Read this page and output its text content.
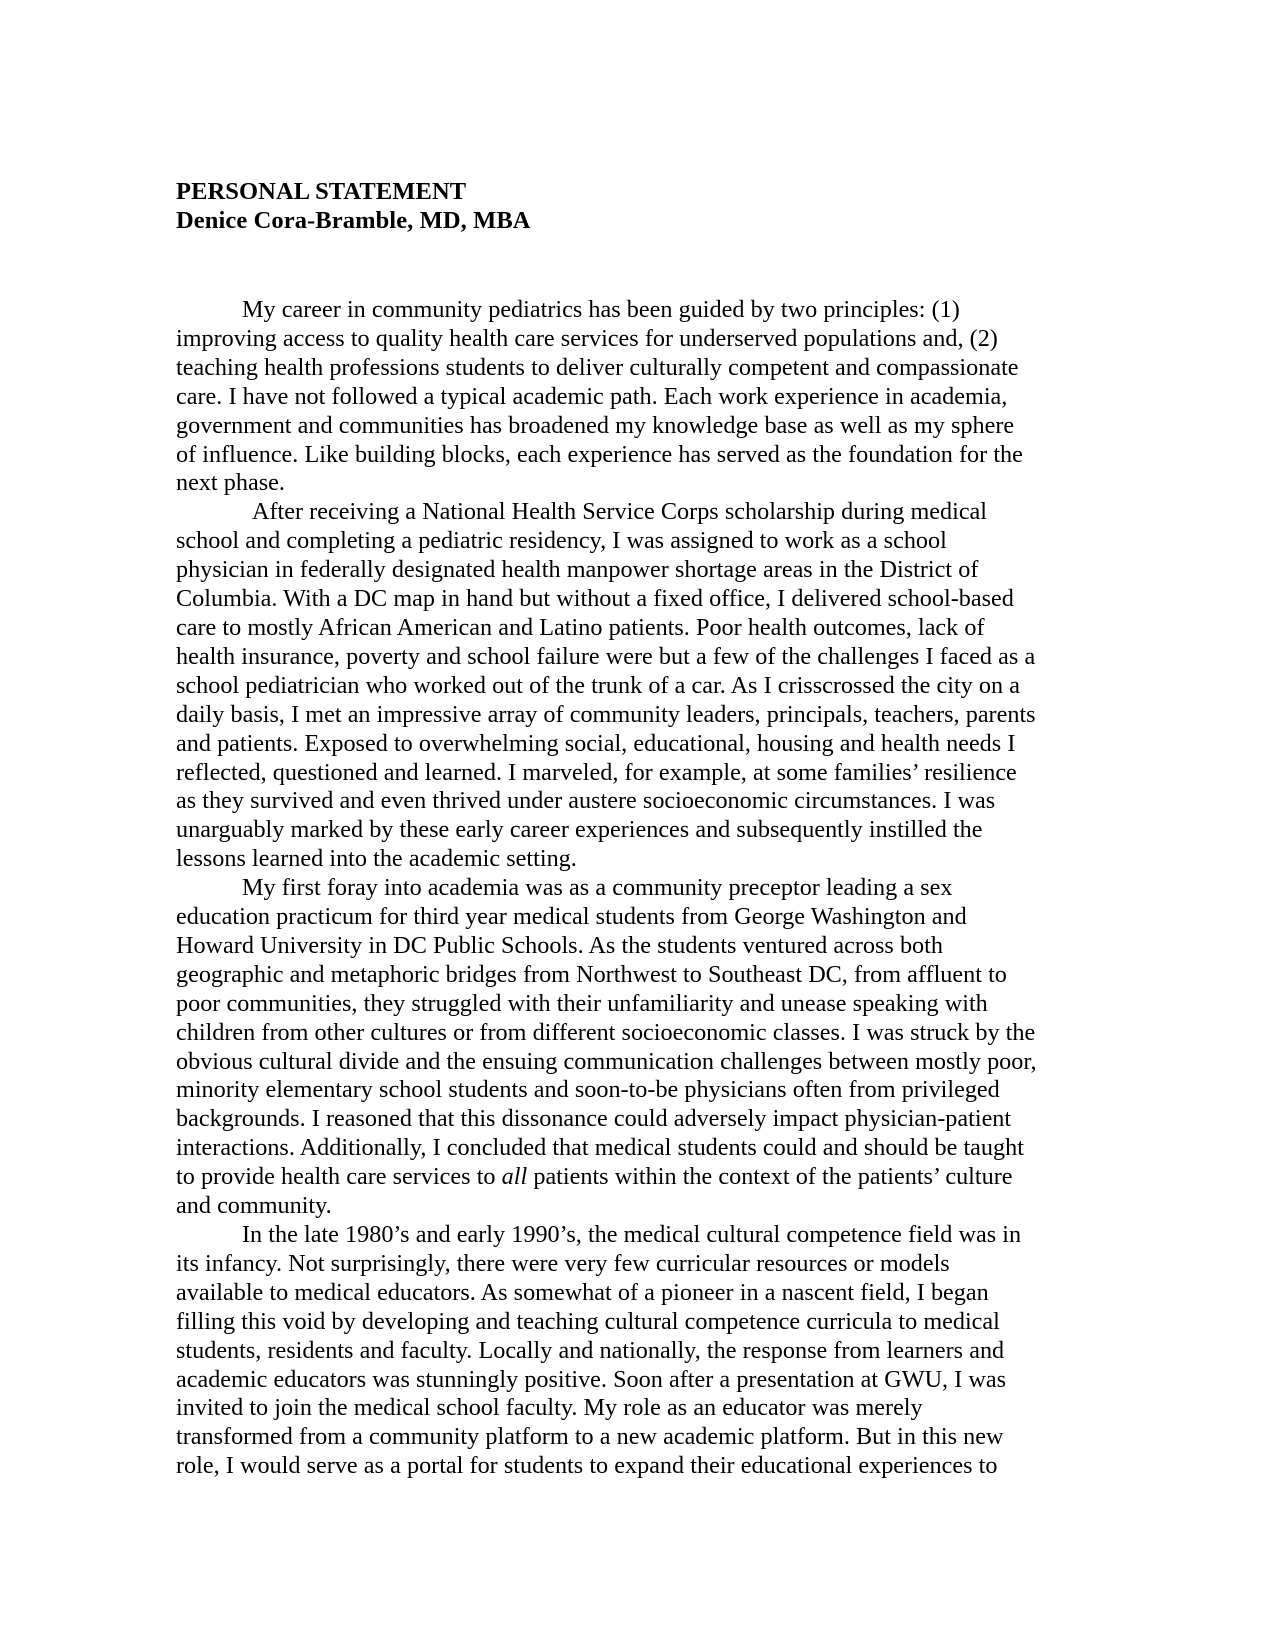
PERSONAL STATEMENT
Denice Cora-Bramble, MD, MBA

My career in community pediatrics has been guided by two principles: (1) improving access to quality health care services for underserved populations and, (2) teaching health professions students to deliver culturally competent and compassionate care. I have not followed a typical academic path. Each work experience in academia, government and communities has broadened my knowledge base as well as my sphere of influence. Like building blocks, each experience has served as the foundation for the next phase.

After receiving a National Health Service Corps scholarship during medical school and completing a pediatric residency, I was assigned to work as a school physician in federally designated health manpower shortage areas in the District of Columbia. With a DC map in hand but without a fixed office, I delivered school-based care to mostly African American and Latino patients. Poor health outcomes, lack of health insurance, poverty and school failure were but a few of the challenges I faced as a school pediatrician who worked out of the trunk of a car. As I crisscrossed the city on a daily basis, I met an impressive array of community leaders, principals, teachers, parents and patients. Exposed to overwhelming social, educational, housing and health needs I reflected, questioned and learned. I marveled, for example, at some families’ resilience as they survived and even thrived under austere socioeconomic circumstances. I was unarguably marked by these early career experiences and subsequently instilled the lessons learned into the academic setting.

My first foray into academia was as a community preceptor leading a sex education practicum for third year medical students from George Washington and Howard University in DC Public Schools. As the students ventured across both geographic and metaphoric bridges from Northwest to Southeast DC, from affluent to poor communities, they struggled with their unfamiliarity and unease speaking with children from other cultures or from different socioeconomic classes. I was struck by the obvious cultural divide and the ensuing communication challenges between mostly poor, minority elementary school students and soon-to-be physicians often from privileged backgrounds. I reasoned that this dissonance could adversely impact physician-patient interactions. Additionally, I concluded that medical students could and should be taught to provide health care services to all patients within the context of the patients’ culture and community.

In the late 1980’s and early 1990’s, the medical cultural competence field was in its infancy. Not surprisingly, there were very few curricular resources or models available to medical educators. As somewhat of a pioneer in a nascent field, I began filling this void by developing and teaching cultural competence curricula to medical students, residents and faculty. Locally and nationally, the response from learners and academic educators was stunningly positive. Soon after a presentation at GWU, I was invited to join the medical school faculty. My role as an educator was merely transformed from a community platform to a new academic platform. But in this new role, I would serve as a portal for students to expand their educational experiences to
